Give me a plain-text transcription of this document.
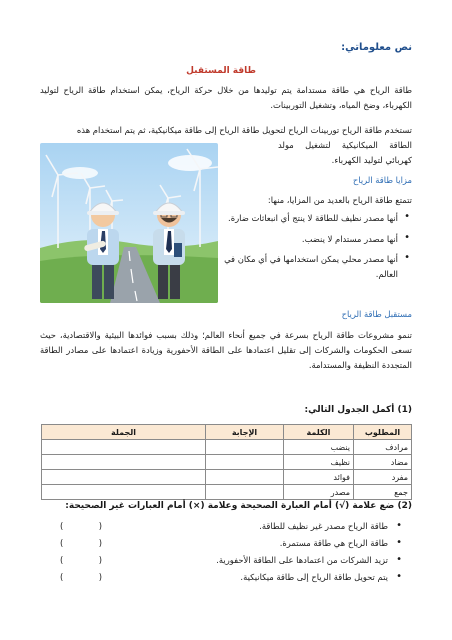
نص معلوماتي:
طاقة المستقبل
طاقة الرياح هي طاقة مستدامة يتم توليدها من خلال حركة الرياح، يمكن استخدام طاقة الرياح لتوليد الكهرباء، وضخ المياه، وتشغيل التوربينات.
تستخدم طاقة الرياح توربينات الرياح لتحويل طاقة الرياح إلى طاقة ميكانيكية، ثم يتم استخدام هذه
الطاقة الميكانيكية لتشغيل مولد كهربائي لتوليد الكهرباء.
مزايا طاقة الرياح
تتمتع طاقة الرياح بالعديد من المزايا، منها:
• أنها مصدر نظيف للطاقة لا ينتج أي انبعاثات ضارة.
• أنها مصدر مستدام لا ينضب.
• أنها مصدر محلي يمكن استخدامها في أي مكان في العالم.
مستقبل طاقة الرياح
تنمو مشروعات طاقة الرياح بسرعة في جميع أنحاء العالم؛ وذلك بسبب فوائدها البيئية والاقتصادية، حيث تسعى الحكومات والشركات إلى تقليل اعتمادها على الطاقة الأحفورية وزيادة اعتمادها على مصادر الطاقة المتجددة النظيفة والمستدامة.
(1) أكمل الجدول التالي:
المطلوب	الكلمة	الإجابة	الجملة
مرادف	ينضب		
مضاد	نظيف		
مفرد	فوائد		
جمع	مصدر		
(2) ضع علامة (√) أمام العبارة الصحيحة وعلامة (×) أمام العبارات غير الصحيحة:
•
طاقة الرياح مصدر غير نظيف للطاقة.
(	)
•
طاقة الرياح هي طاقة مستمرة.
(	)
•
تزيد الشركات من اعتمادها على الطاقة الأحفورية.
(	)
•
يتم تحويل طاقة الرياح إلى طاقة ميكانيكية.
(	)
